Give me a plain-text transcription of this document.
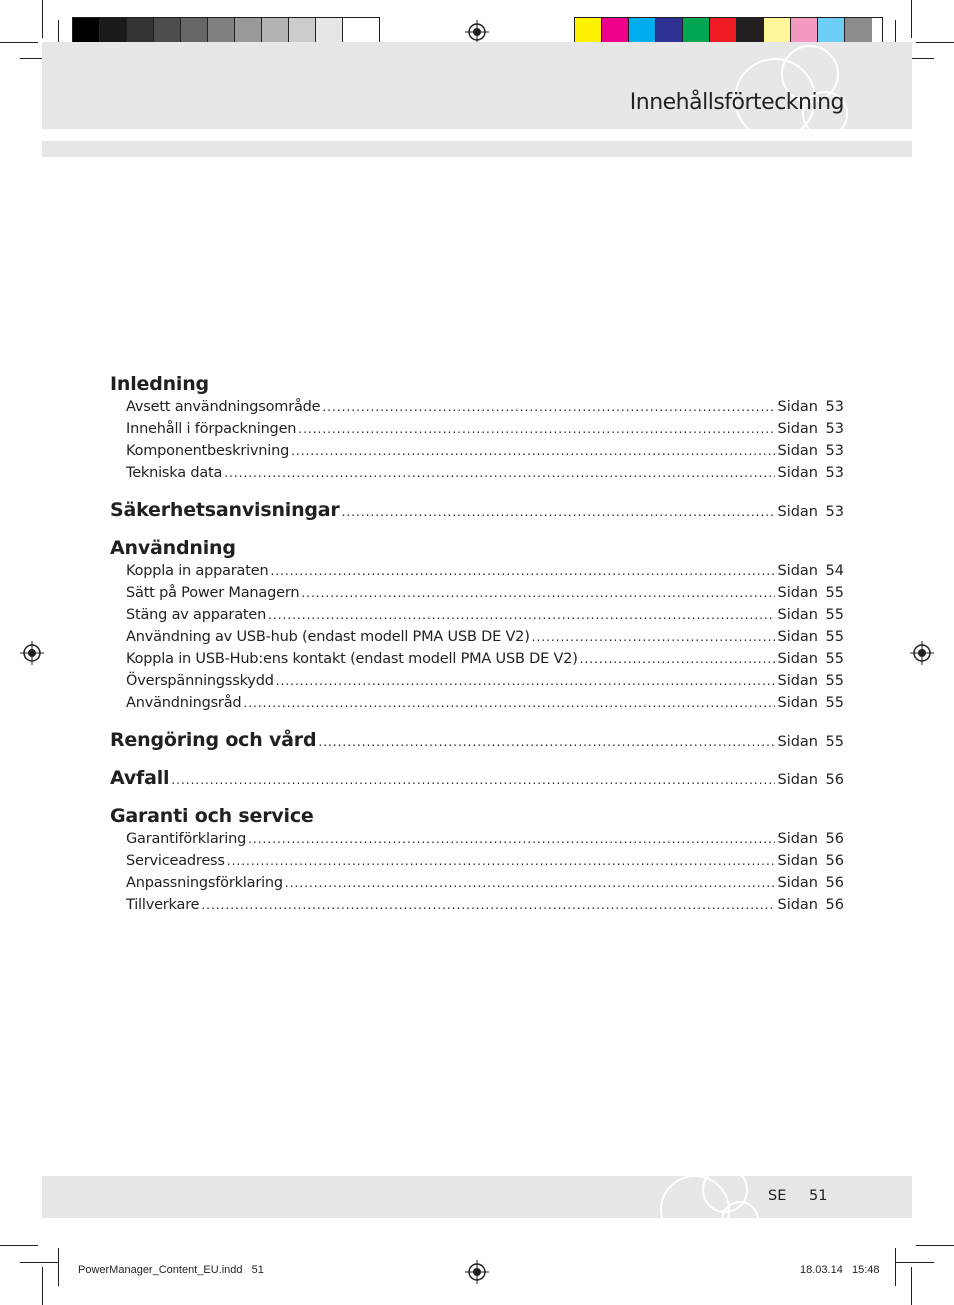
Innehållsförteckning
Inledning
Avsett användningsområde .....	Sidan 53
Innehåll i förpackningen .....	Sidan 53
Komponentbeskrivning .....	Sidan 53
Tekniska data .....	Sidan 53
Säkerhetsanvisningar .....	Sidan 53
Användning
Koppla in apparaten .....	Sidan 54
Sätt på Power Managern .....	Sidan 55
Stäng av apparaten .....	Sidan 55
Användning av USB-hub (endast modell PMA USB DE V2) .....	Sidan 55
Koppla in USB-Hub:ens kontakt (endast modell PMA USB DE V2) .....	Sidan 55
Överspänningsskydd .....	Sidan 55
Användningsråd .....	Sidan 55
Rengöring och vård .....	Sidan 55
Avfall .....	Sidan 56
Garanti och service
Garantiförklaring .....	Sidan 56
Serviceadress .....	Sidan 56
Anpassningsförklaring .....	Sidan 56
Tillverkare .....	Sidan 56
SE 51
PowerManager_Content_EU.indd   51	18.03.14   15:48
